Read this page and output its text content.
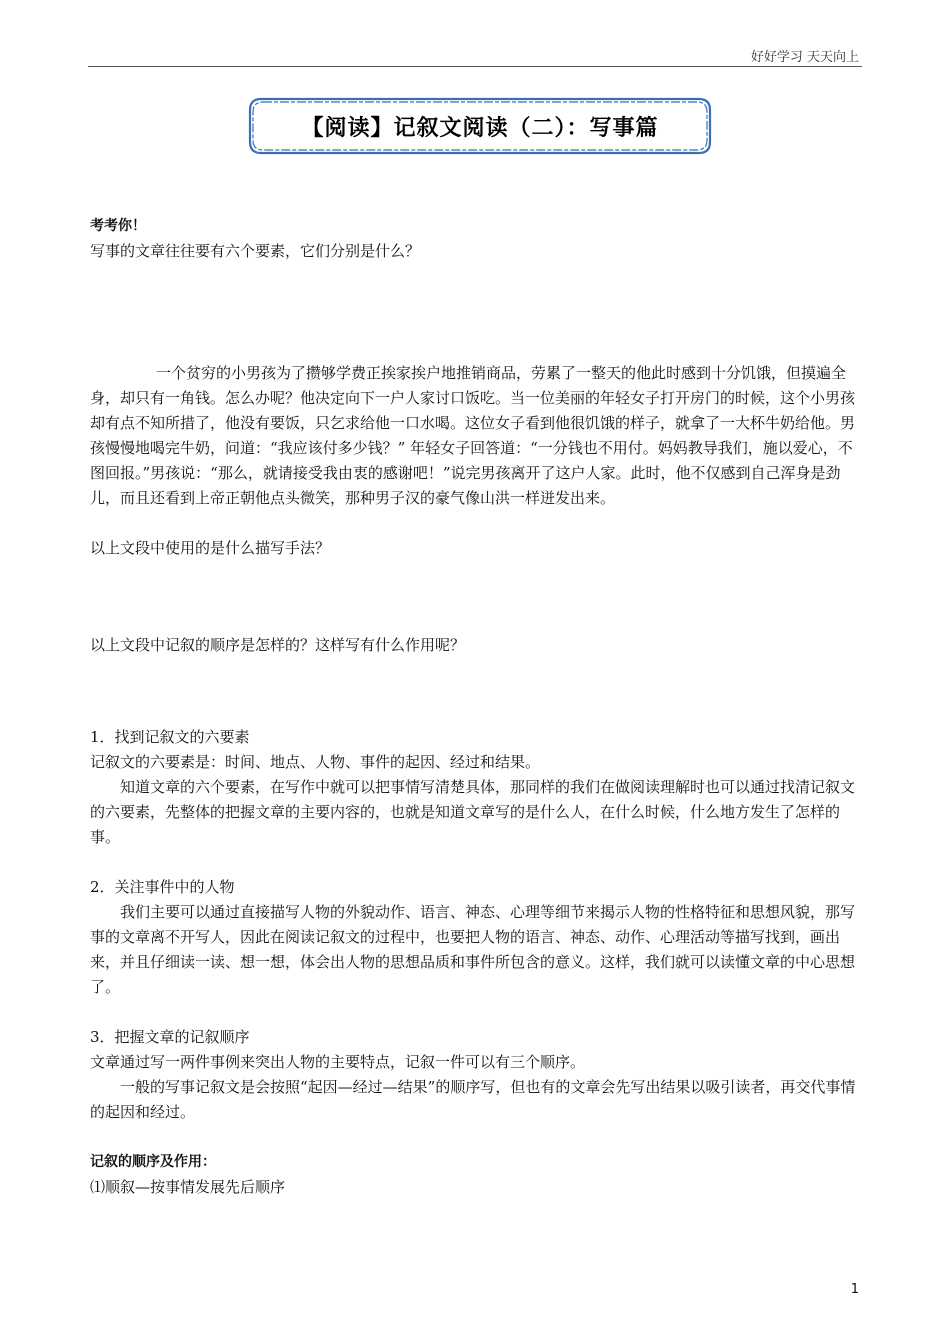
好好学习 天天向上
【阅读】记叙文阅读（二）：写事篇

考考你！

写事的文章往往要有六个要素，它们分别是什么？

一个贫穷的小男孩为了攒够学费正挨家挨户地推销商品，劳累了一整天的他此时感到十分饥饿，但摸遍全身，却只有一角钱。怎么办呢？他决定向下一户人家讨口饭吃。当一位美丽的年轻女子打开房门的时候，这个小男孩却有点不知所措了，他没有要饭，只乞求给他一口水喝。这位女子看到他很饥饿的样子，就拿了一大杯牛奶给他。男孩慢慢地喝完牛奶，问道：“我应该付多少钱？” 年轻女子回答道：“一分钱也不用付。妈妈教导我们，施以爱心，不图回报。”男孩说：“那么，就请接受我由衷的感谢吧！”说完男孩离开了这户人家。此时，他不仅感到自己浑身是劲儿，而且还看到上帝正朝他点头微笑，那种男子汉的豪气像山洪一样迸发出来。

以上文段中使用的是什么描写手法？

以上文段中记叙的顺序是怎样的？这样写有什么作用呢？

1．找到记叙文的六要素

记叙文的六要素是：时间、地点、人物、事件的起因、经过和结果。

知道文章的六个要素，在写作中就可以把事情写清楚具体，那同样的我们在做阅读理解时也可以通过找清记叙文的六要素，先整体的把握文章的主要内容的，也就是知道文章写的是什么人，在什么时候，什么地方发生了怎样的事。

2．关注事件中的人物

我们主要可以通过直接描写人物的外貌动作、语言、神态、心理等细节来揭示人物的性格特征和思想风貌，那写事的文章离不开写人，因此在阅读记叙文的过程中，也要把人物的语言、神态、动作、心理活动等描写找到，画出来，并且仔细读一读、想一想，体会出人物的思想品质和事件所包含的意义。这样，我们就可以读懂文章的中心思想了。

3．把握文章的记叙顺序

文章通过写一两件事例来突出人物的主要特点，记叙一件可以有三个顺序。

一般的写事记叙文是会按照“起因—经过—结果”的顺序写，但也有的文章会先写出结果以吸引读者，再交代事情的起因和经过。

记叙的顺序及作用：

⑴顺叙—按事情发展先后顺序

1
